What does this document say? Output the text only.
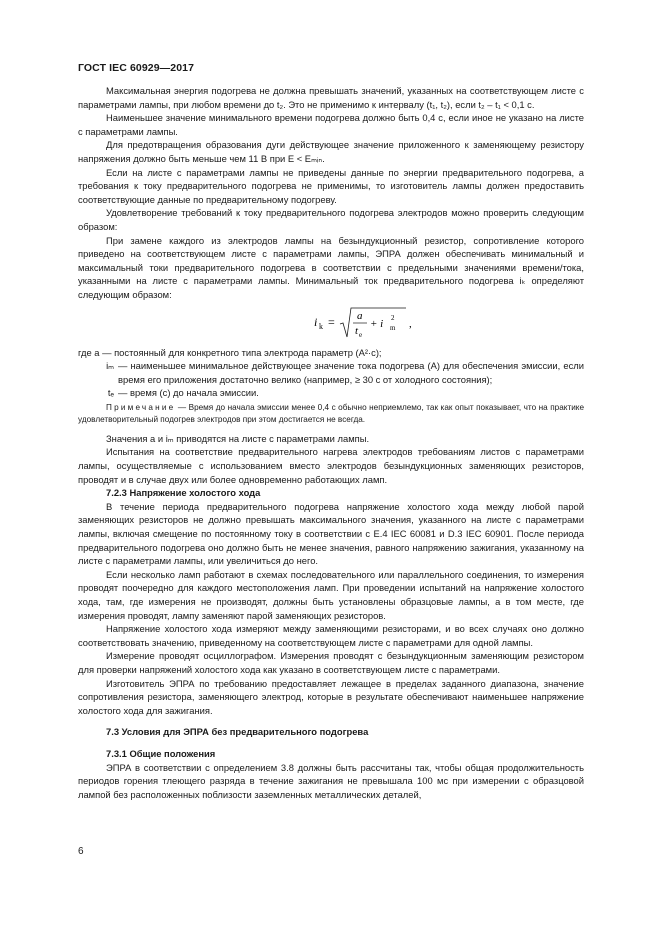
ГОСТ IEC 60929—2017

Максимальная энергия подогрева не должна превышать значений, указанных на соответствующем листе с параметрами лампы, при любом времени до t₂. Это не применимо к интервалу (t₁, t₂), если t₂ – t₁ < 0,1 с.

Наименьшее значение минимального времени подогрева должно быть 0,4 с, если иное не указано на листе с параметрами лампы.

Для предотвращения образования дуги действующее значение приложенного к заменяющему резистору напряжения должно быть меньше чем 11 В при E < Eₘᵢₙ.

Если на листе с параметрами лампы не приведены данные по энергии предварительного подогрева, а требования к току предварительного подогрева не применимы, то изготовитель лампы должен предоставить соответствующие данные по предварительному подогреву.

Удовлетворение требований к току предварительного подогрева электродов можно проверить следующим образом:

При замене каждого из электродов лампы на безындукционный резистор, сопротивление которого приведено на соответствующем листе с параметрами лампы, ЭПРА должен обеспечивать минимальный и максимальный токи предварительного подогрева в соответствии с предельными значениями времени/тока, указанными на листе с параметрами лампы. Минимальный ток предварительного подогрева iₖ определяют следующим образом:

i k = a
t e
+ i m
2 ,

где a — постоянный для конкретного типа электрода параметр (А²·с);

iₘ — наименьшее минимальное действующее значение тока подогрева (А) для обеспечения эмиссии, если время его приложения достаточно велико (например, ≥ 30 с от холодного состояния);

tₑ — время (с) до начала эмиссии.

Примечание — Время до начала эмиссии менее 0,4 с обычно неприемлемо, так как опыт показывает, что на практике удовлетворительный подогрев электродов при этом достигается не всегда.

Значения a и iₘ приводятся на листе с параметрами лампы.

Испытания на соответствие предварительного нагрева электродов требованиям листов с параметрами лампы, осуществляемые с использованием вместо электродов безындукционных заменяющих резисторов, проводят и в случае двух или более одновременно работающих ламп.

7.2.3 Напряжение холостого хода

В течение периода предварительного подогрева напряжение холостого хода между любой парой заменяющих резисторов не должно превышать максимального значения, указанного на листе с параметрами лампы, включая смещение по постоянному току в соответствии с Е.4 IEC 60081 и D.3 IEC 60901. После периода предварительного подогрева оно должно быть не менее значения, равного напряжению зажигания, указанному на листе с параметрами лампы, или увеличиться до него.

Если несколько ламп работают в схемах последовательного или параллельного соединения, то измерения проводят поочередно для каждого местоположения ламп. При проведении испытаний на напряжение холостого хода, там, где измерения не производят, должны быть установлены образцовые лампы, а в том месте, где измерения проводят, лампу заменяют парой заменяющих резисторов.

Напряжение холостого хода измеряют между заменяющими резисторами, и во всех случаях оно должно соответствовать значению, приведенному на соответствующем листе с параметрами для одной лампы.

Измерение проводят осциллографом. Измерения проводят с безындукционным заменяющим резистором для проверки напряжений холостого хода как указано в соответствующем листе с параметрами.

Изготовитель ЭПРА по требованию предоставляет лежащее в пределах заданного диапазона, значение сопротивления резистора, заменяющего электрод, которые в результате обеспечивают наименьшее напряжение холостого хода для зажигания.

7.3 Условия для ЭПРА без предварительного подогрева

7.3.1 Общие положения

ЭПРА в соответствии с определением 3.8 должны быть рассчитаны так, чтобы общая продолжительность периодов горения тлеющего разряда в течение зажигания не превышала 100 мс при измерении с образцовой лампой без расположенных поблизости заземленных металлических деталей,

6
